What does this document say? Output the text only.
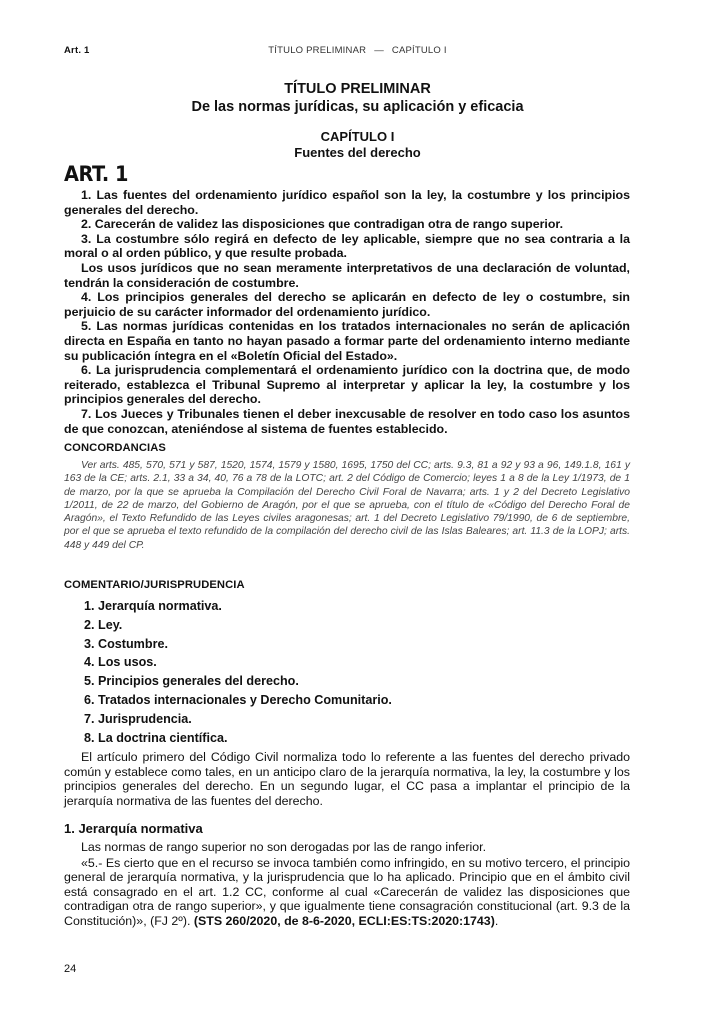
Art. 1	TÍTULO PRELIMINAR — CAPÍTULO I
TÍTULO PRELIMINAR
De las normas jurídicas, su aplicación y eficacia
CAPÍTULO I
Fuentes del derecho
ART. 1

1. Las fuentes del ordenamiento jurídico español son la ley, la costumbre y los principios generales del derecho.

2. Carecerán de validez las disposiciones que contradigan otra de rango superior.

3. La costumbre sólo regirá en defecto de ley aplicable, siempre que no sea contraria a la moral o al orden público, y que resulte probada.

Los usos jurídicos que no sean meramente interpretativos de una declaración de voluntad, tendrán la consideración de costumbre.

4. Los principios generales del derecho se aplicarán en defecto de ley o costumbre, sin perjuicio de su carácter informador del ordenamiento jurídico.

5. Las normas jurídicas contenidas en los tratados internacionales no serán de aplicación directa en España en tanto no hayan pasado a formar parte del ordenamiento interno mediante su publicación íntegra en el «Boletín Oficial del Estado».

6. La jurisprudencia complementará el ordenamiento jurídico con la doctrina que, de modo reiterado, establezca el Tribunal Supremo al interpretar y aplicar la ley, la costumbre y los principios generales del derecho.

7. Los Jueces y Tribunales tienen el deber inexcusable de resolver en todo caso los asuntos de que conozcan, ateniéndose al sistema de fuentes establecido.

CONCORDANCIAS
Ver arts. 485, 570, 571 y 587, 1520, 1574, 1579 y 1580, 1695, 1750 del CC; arts. 9.3, 81 a 92 y 93 a 96, 149.1.8, 161 y 163 de la CE; arts. 2.1, 33 a 34, 40, 76 a 78 de la LOTC; art. 2 del Código de Comercio; leyes 1 a 8 de la Ley 1/1973, de 1 de marzo, por la que se aprueba la Compilación del Derecho Civil Foral de Navarra; arts. 1 y 2 del Decreto Legislativo 1/2011, de 22 de marzo, del Gobierno de Aragón, por el que se aprueba, con el título de «Código del Derecho Foral de Aragón», el Texto Refundido de las Leyes civiles aragonesas; art. 1 del Decreto Legislativo 79/1990, de 6 de septiembre, por el que se aprueba el texto refundido de la compilación del derecho civil de las Islas Baleares; art. 11.3 de la LOPJ; arts. 448 y 449 del CP.
COMENTARIO/JURISPRUDENCIA
1. Jerarquía normativa.
2. Ley.
3. Costumbre.
4. Los usos.
5. Principios generales del derecho.
6. Tratados internacionales y Derecho Comunitario.
7. Jurisprudencia.
8. La doctrina científica.
El artículo primero del Código Civil normaliza todo lo referente a las fuentes del derecho privado común y establece como tales, en un anticipo claro de la jerarquía normativa, la ley, la costumbre y los principios generales del derecho. En un segundo lugar, el CC pasa a implantar el principio de la jerarquía normativa de las fuentes del derecho.
1. Jerarquía normativa

Las normas de rango superior no son derogadas por las de rango inferior.

«5.- Es cierto que en el recurso se invoca también como infringido, en su motivo tercero, el principio general de jerarquía normativa, y la jurisprudencia que lo ha aplicado. Principio que en el ámbito civil está consagrado en el art. 1.2 CC, conforme al cual «Carecerán de validez las disposiciones que contradigan otra de rango superior», y que igualmente tiene consagración constitucional (art. 9.3 de la Constitución)», (FJ 2º). (STS 260/2020, de 8-6-2020, ECLI:ES:TS:2020:1743).

24
